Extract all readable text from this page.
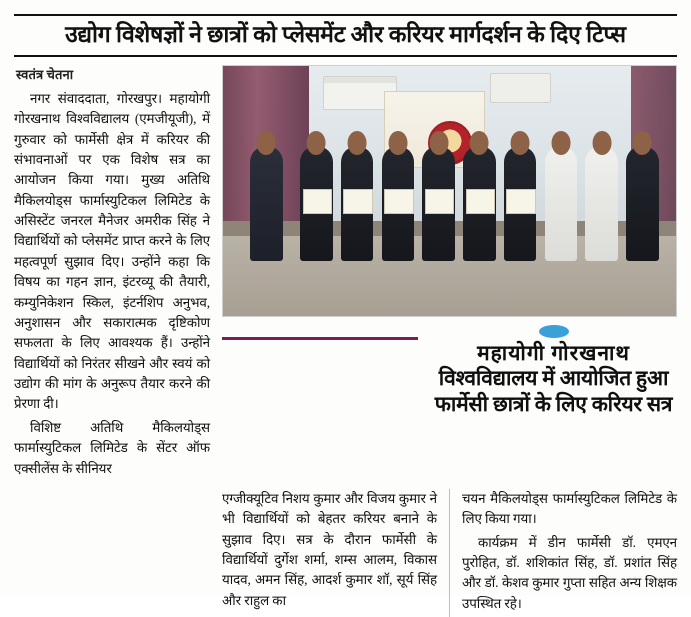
उद्योग विशेषज्ञों ने छात्रों को प्लेसमेंट और करियर मार्गदर्शन के दिए टिप्स
स्वतंत्र चेतना

नगर संवाददाता, गोरखपुर। महायोगी गोरखनाथ विश्वविद्यालय (एमजीयूजी), में गुरुवार को फार्मेसी क्षेत्र में करियर की संभावनाओं पर एक विशेष सत्र का आयोजन किया गया। मुख्य अतिथि मैकिलयोड्स फार्मास्युटिकल लिमिटेड के असिस्टेंट जनरल मैनेजर अमरीक सिंह ने विद्यार्थियों को प्लेसमेंट प्राप्त करने के लिए महत्वपूर्ण सुझाव दिए। उन्होंने कहा कि विषय का गहन ज्ञान, इंटरव्यू की तैयारी, कम्युनिकेशन स्किल, इंटर्नशिप अनुभव, अनुशासन और सकारात्मक दृष्टिकोण सफलता के लिए आवश्यक हैं। उन्होंने विद्यार्थियों को निरंतर सीखने और स्वयं को उद्योग की मांग के अनुरूप तैयार करने की प्रेरणा दी।

विशिष्ट अतिथि मैकिलयोड्स फार्मास्युटिकल लिमिटेड के सेंटर ऑफ एक्सीलेंस के सीनियर

महायोगी गोरखनाथ
विश्वविद्यालय में आयोजित हुआ
फार्मेसी छात्रों के लिए करियर सत्र

एग्जीक्यूटिव निशय कुमार और विजय कुमार ने भी विद्यार्थियों को बेहतर करियर बनाने के सुझाव दिए। सत्र के दौरान फार्मेसी के विद्यार्थियों दुर्गेश शर्मा, शम्स आलम, विकास यादव, अमन सिंह, आदर्श कुमार शॉ, सूर्य सिंह और राहुल का

चयन मैकिलयोड्स फार्मास्युटिकल लिमिटेड के लिए किया गया।

कार्यक्रम में डीन फार्मेसी डॉ. एमएन पुरोहित, डॉ. शशिकांत सिंह, डॉ. प्रशांत सिंह और डॉ. केशव कुमार गुप्ता सहित अन्य शिक्षक उपस्थित रहे।
